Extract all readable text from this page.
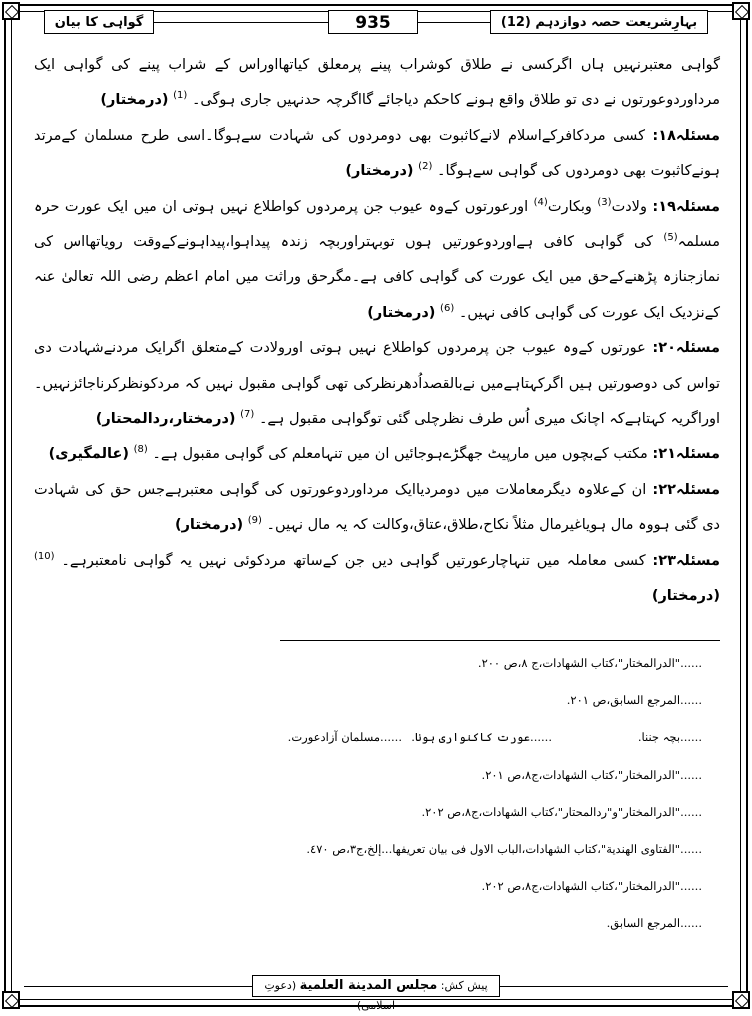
گواہی کا بیان	935	بہارِشریعت حصہ دوازدہم (12)

گواہی معتبرنہیں ہاں اگرکسی نے طلاق کوشراب پینے پرمعلق کیاتھااوراس کے شراب پینے کی گواہی ایک مرداوردوعورتوں نے دی تو طلاق واقع ہونے کاحکم دیاجائے گااگرچہ حدنہیں جاری ہوگی۔ $^{(1)}$ (درمختار)

مسئلہ۱۸: کسی مردکافرکےاسلام لانےکاثبوت بھی دومردوں کی شہادت سےہوگا۔اسی طرح مسلمان کےمرتد ہونےکاثبوت بھی دومردوں کی گواہی سےہوگا۔ $^{(2)}$ (درمختار)

مسئلہ۱۹: ولادت$^{(3)}$ وبکارت$^{(4)}$ اورعورتوں کےوہ عیوب جن پرمردوں کواطلاع نہیں ہوتی ان میں ایک عورت حرہ مسلمہ$^{(5)}$ کی گواہی کافی ہےاوردوعورتیں ہوں توبہتراوربچہ زندہ پیداہوا،پیداہونےکےوقت رویاتھااس کی نمازجنازہ پڑھنےکےحق میں ایک عورت کی گواہی کافی ہے۔مگرحق وراثت میں امام اعظم رضی اللہ تعالیٰ عنہ کےنزدیک ایک عورت کی گواہی کافی نہیں۔ $^{(6)}$ (درمختار)

مسئلہ۲۰: عورتوں کےوہ عیوب جن پرمردوں کواطلاع نہیں ہوتی اورولادت کےمتعلق اگرایک مردنےشہادت دی تواس کی دوصورتیں ہیں اگرکہتاہےمیں نےبالقصداُدھرنظرکی تھی گواہی مقبول نہیں کہ مردکونظرکرناجائزنہیں۔اوراگریہ کہتاہےکہ اچانک میری اُس طرف نظرچلی گئی توگواہی مقبول ہے۔ $^{(7)}$ (درمختار،ردالمحتار)

مسئلہ۲۱: مکتب کےبچوں میں مارپیٹ جھگڑےہوجائیں ان میں تنہامعلم کی گواہی مقبول ہے۔ $^{(8)}$ (عالمگیری)

مسئلہ۲۲: ان کےعلاوہ دیگرمعاملات میں دومردیاایک مرداوردوعورتوں کی گواہی معتبرہےجس حق کی شہادت دی گئی ہووہ مال ہویاغیرمال مثلاً نکاح،طلاق،عتاق،وکالت کہ یہ مال نہیں۔ $^{(9)}$ (درمختار)

مسئلہ۲۳: کسی معاملہ میں تنہاچارعورتیں گواہی دیں جن کےساتھ مردکوئی نہیں یہ گواہی نامعتبرہے۔ $^{(10)}$ (درمختار)

......"الدرالمختار"،كتاب الشهادات،ج ٨،ص ٢٠٠.
......المرجع السابق،ص ٢٠١.
......بچہ جننا.
......عورت کاکنواری ہونا.
......مسلمان آزادعورت.
......"الدرالمختار"،كتاب الشهادات،ج٨،ص ٢٠١.
......"الدرالمختار"و"ردالمحتار"،كتاب الشهادات،ج٨،ص ٢٠٢.
......"الفتاوى الهندية"،كتاب الشهادات،الباب الاول فى بيان تعريفها...إلخ،ج٣،ص ٤٧٠.
......"الدرالمختار"،كتاب الشهادات،ج٨،ص ٢٠٢.
......المرجع السابق.
پیش کش: مجلس المدينة العلمية (دعوتِ اسلامی)
